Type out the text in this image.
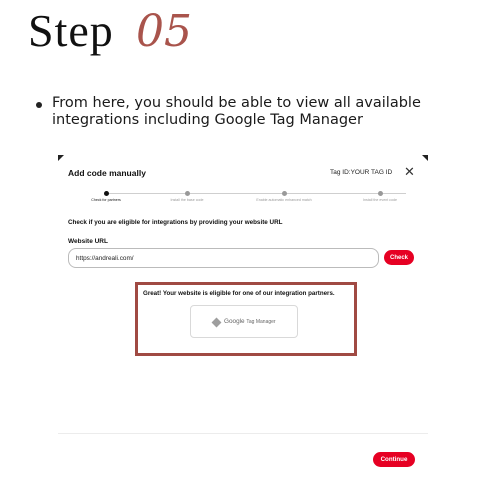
Step 05
From here, you should be able to view all available integrations including Google Tag Manager
Add code manually	Tag ID:YOUR TAG ID ✕
Check for partners	Install the base code	Enable automatic enhanced match	Install the event code
Check if you are eligible for integrations by providing your website URL
Website URL
https://andreali.com/
Check
Great! Your website is eligible for one of our integration partners.
Google Tag Manager
Continue
